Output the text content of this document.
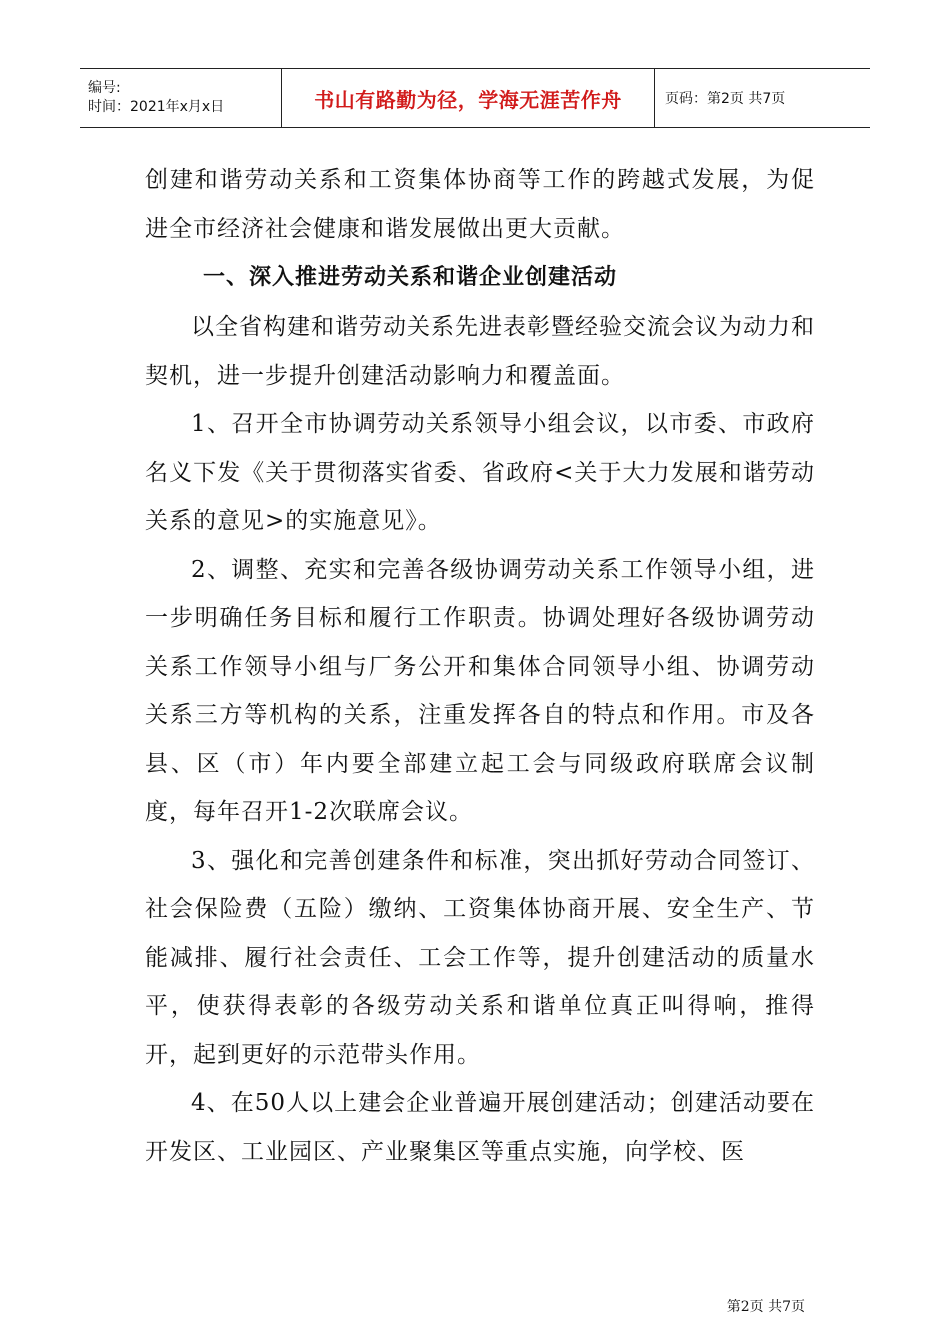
编号:
时间：2021年x月x日	书山有路勤为径，学海无涯苦作舟	页码：第2页 共7页

创建和谐劳动关系和工资集体协商等工作的跨越式发展，为促进全市经济社会健康和谐发展做出更大贡献。

一、深入推进劳动关系和谐企业创建活动

以全省构建和谐劳动关系先进表彰暨经验交流会议为动力和契机，进一步提升创建活动影响力和覆盖面。

1、召开全市协调劳动关系领导小组会议，以市委、市政府名义下发《关于贯彻落实省委、省政府<关于大力发展和谐劳动关系的意见>的实施意见》。

2、调整、充实和完善各级协调劳动关系工作领导小组，进一步明确任务目标和履行工作职责。协调处理好各级协调劳动关系工作领导小组与厂务公开和集体合同领导小组、协调劳动关系三方等机构的关系，注重发挥各自的特点和作用。市及各县、区（市）年内要全部建立起工会与同级政府联席会议制度，每年召开1-2次联席会议。

3、强化和完善创建条件和标准，突出抓好劳动合同签订、社会保险费（五险）缴纳、工资集体协商开展、安全生产、节能减排、履行社会责任、工会工作等，提升创建活动的质量水平，使获得表彰的各级劳动关系和谐单位真正叫得响，推得开，起到更好的示范带头作用。

4、在50人以上建会企业普遍开展创建活动；创建活动要在开发区、工业园区、产业聚集区等重点实施，向学校、医

第2页 共7页
